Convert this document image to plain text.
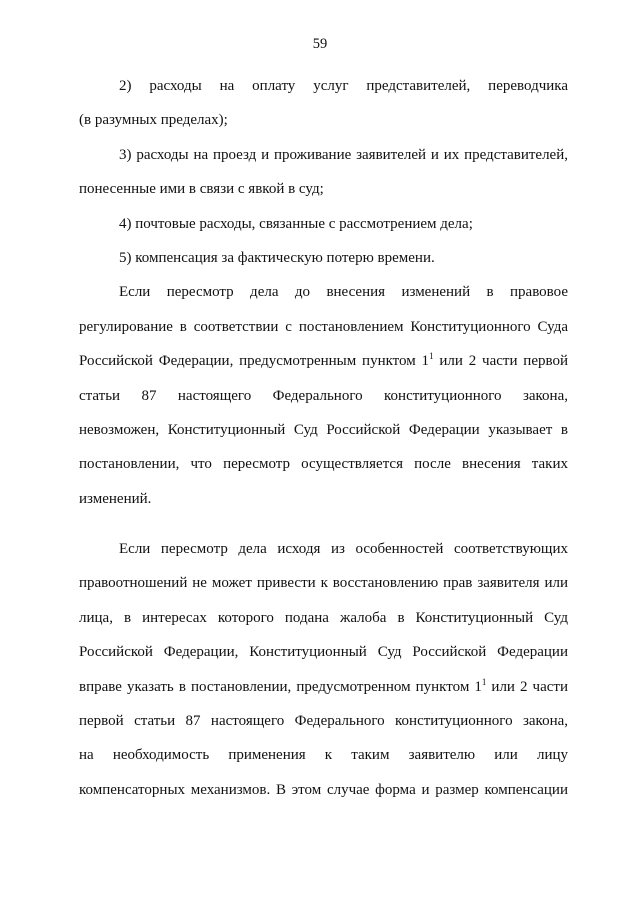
59
2) расходы на оплату услуг представителей, переводчика
(в разумных пределах);
3) расходы на проезд и проживание заявителей и их представителей,
понесенные ими в связи с явкой в суд;
4) почтовые расходы, связанные с рассмотрением дела;
5) компенсация за фактическую потерю времени.
Если пересмотр дела до внесения изменений в правовое
регулирование в соответствии с постановлением Конституционного Суда
Российской Федерации, предусмотренным пунктом $1^1$ или 2 части первой
статьи 87 настоящего Федерального конституционного закона,
невозможен, Конституционный Суд Российской Федерации указывает в
постановлении, что пересмотр осуществляется после внесения таких
изменений.
Если пересмотр дела исходя из особенностей соответствующих
правоотношений не может привести к восстановлению прав заявителя или
лица, в интересах которого подана жалоба в Конституционный Суд
Российской Федерации, Конституционный Суд Российской Федерации
вправе указать в постановлении, предусмотренном пунктом $1^1$ или 2 части
первой статьи 87 настоящего Федерального конституционного закона,
на необходимость применения к таким заявителю или лицу
компенсаторных механизмов. В этом случае форма и размер компенсации
